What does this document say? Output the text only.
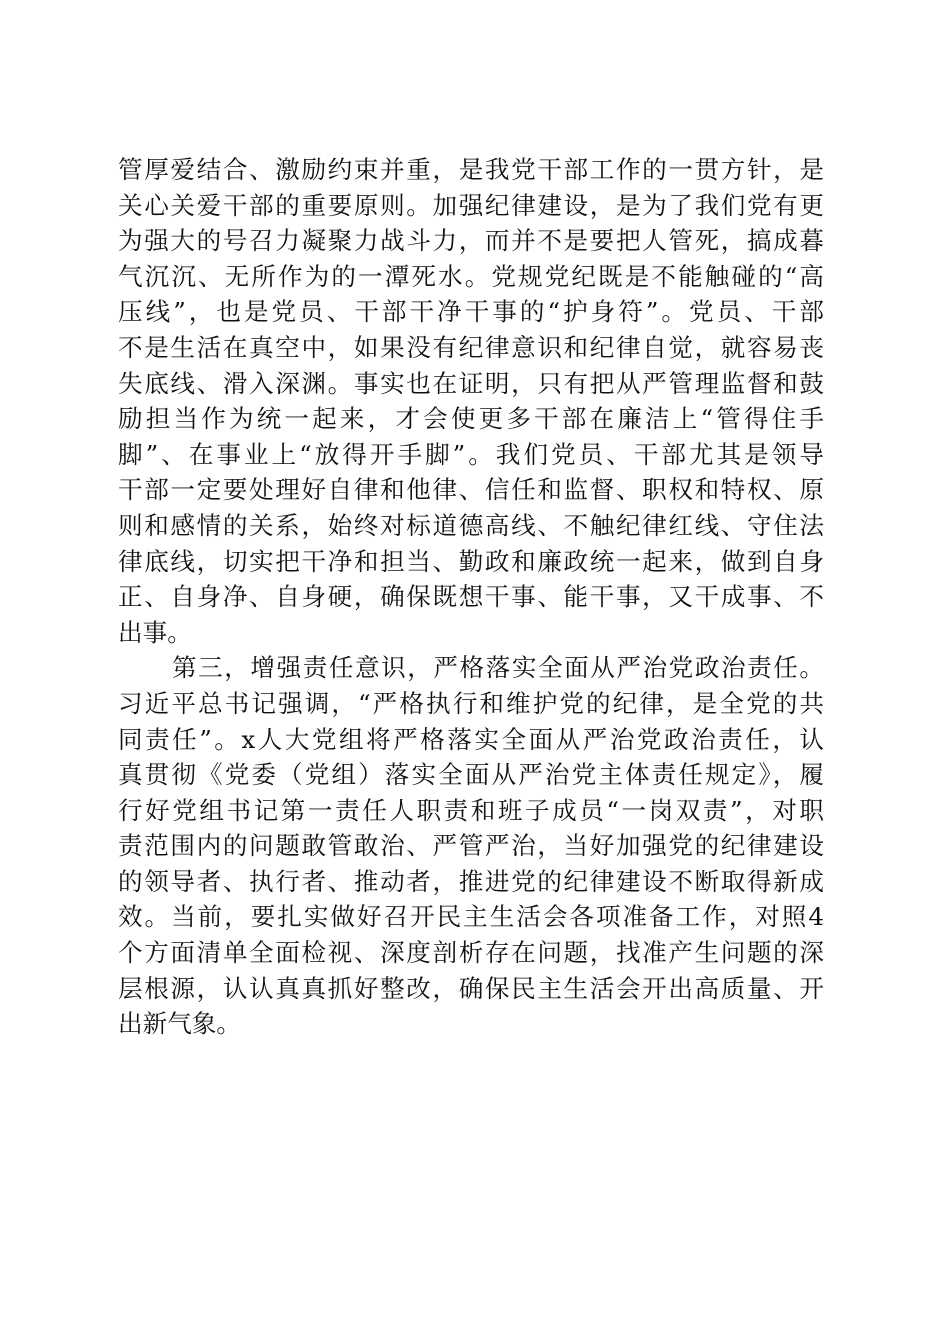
管厚爱结合、激励约束并重，是我党干部工作的一贯方针，是
关心关爱干部的重要原则。加强纪律建设，是为了我们党有更
为强大的号召力凝聚力战斗力，而并不是要把人管死，搞成暮
气沉沉、无所作为的一潭死水。党规党纪既是不能触碰的“高
压线”，也是党员、干部干净干事的“护身符”。党员、干部
不是生活在真空中，如果没有纪律意识和纪律自觉，就容易丧
失底线、滑入深渊。事实也在证明，只有把从严管理监督和鼓
励担当作为统一起来，才会使更多干部在廉洁上“管得住手
脚”、在事业上“放得开手脚”。我们党员、干部尤其是领导
干部一定要处理好自律和他律、信任和监督、职权和特权、原
则和感情的关系，始终对标道德高线、不触纪律红线、守住法
律底线，切实把干净和担当、勤政和廉政统一起来，做到自身
正、自身净、自身硬，确保既想干事、能干事，又干成事、不
出事。
第三，增强责任意识，严格落实全面从严治党政治责任。
习近平总书记强调，“严格执行和维护党的纪律，是全党的共
同责任”。x人大党组将严格落实全面从严治党政治责任，认
真贯彻《党委（党组）落实全面从严治党主体责任规定》，履
行好党组书记第一责任人职责和班子成员“一岗双责”，对职
责范围内的问题敢管敢治、严管严治，当好加强党的纪律建设
的领导者、执行者、推动者，推进党的纪律建设不断取得新成
效。当前，要扎实做好召开民主生活会各项准备工作，对照4
个方面清单全面检视、深度剖析存在问题，找准产生问题的深
层根源，认认真真抓好整改，确保民主生活会开出高质量、开
出新气象。
